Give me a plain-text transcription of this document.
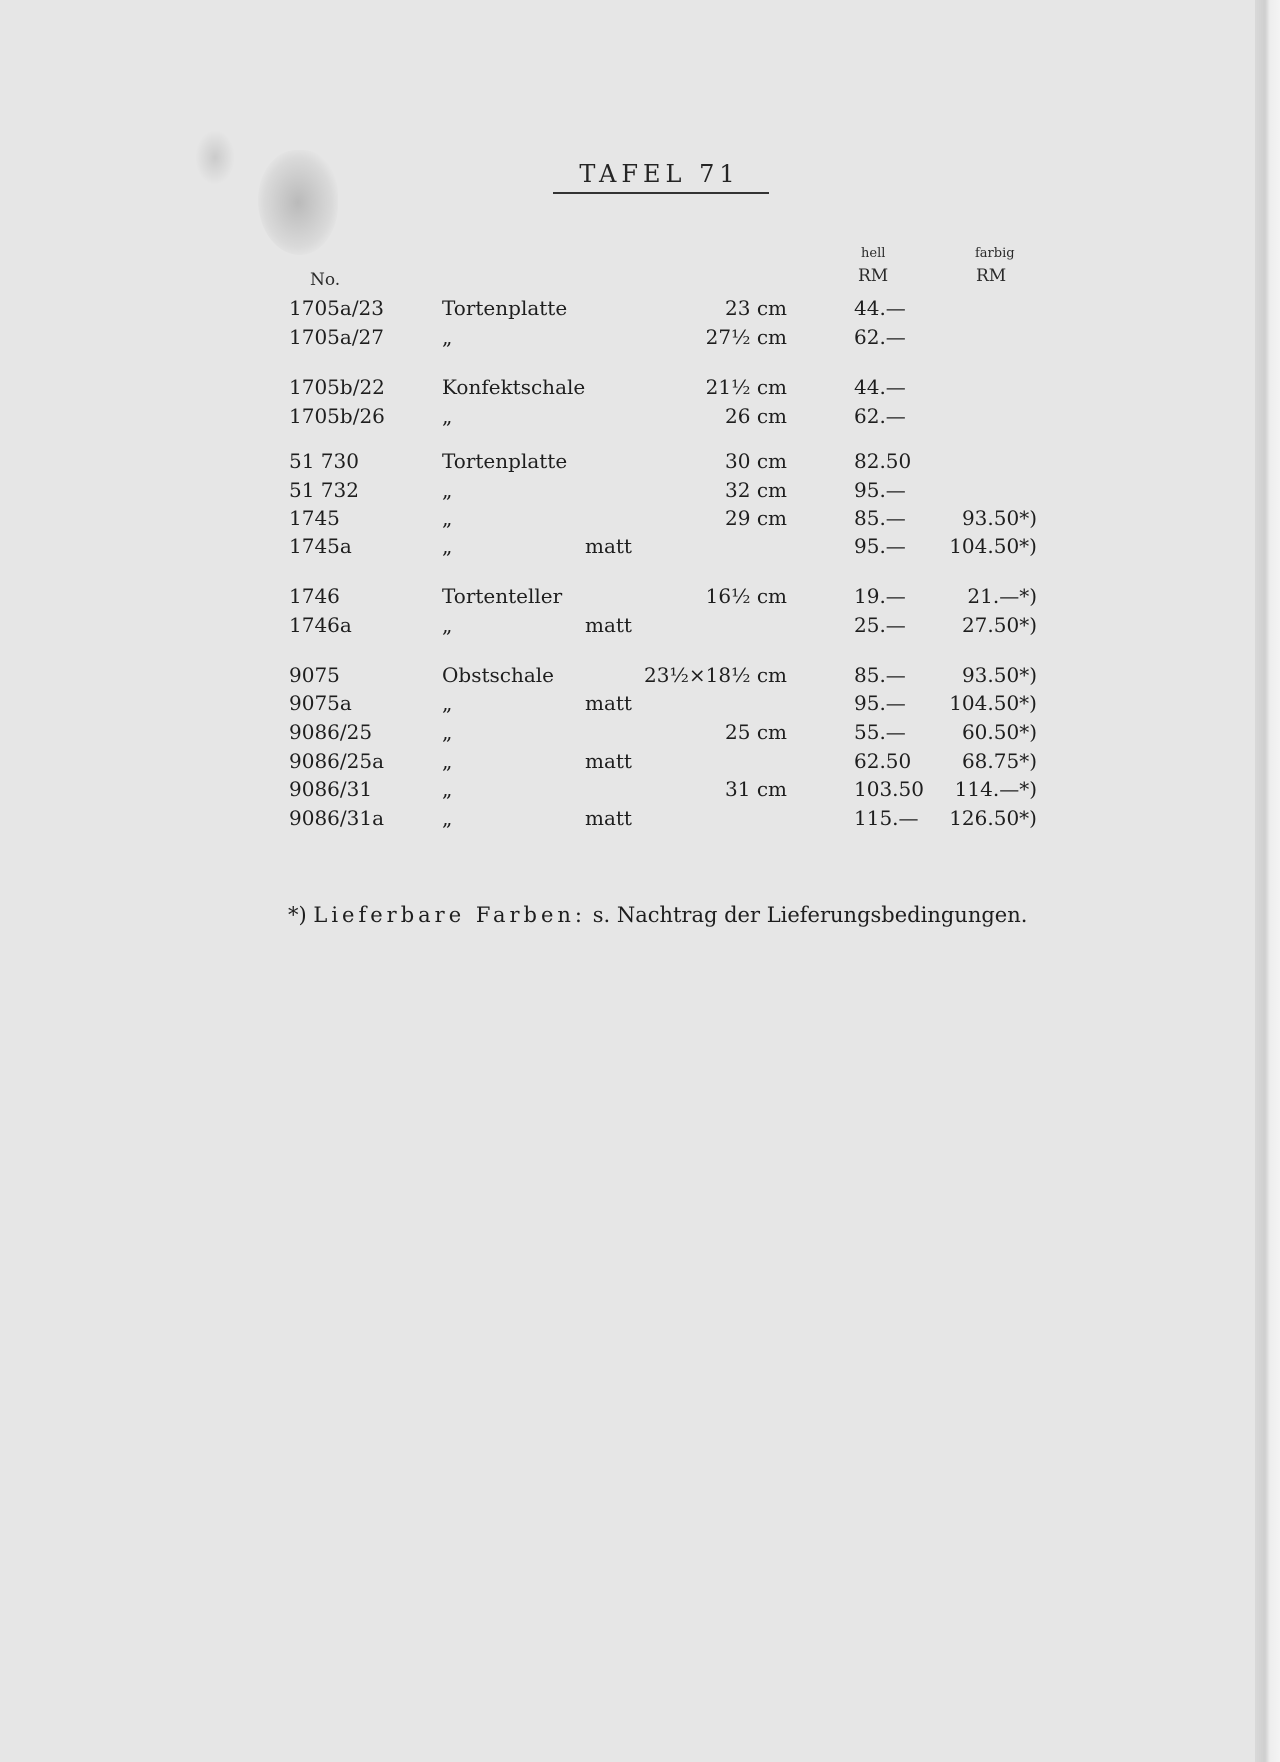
TAFEL 71
No.
hell	farbig
RM	RM
1705a/23	Tortenplatte	23 cm	44.—
1705a/27	„	27½ cm	62.—
1705b/22	Konfektschale	21½ cm	44.—
1705b/26	„	26 cm	62.—
51 730	Tortenplatte	30 cm	82.50
51 732	„	32 cm	95.—
1745	„	29 cm	85.—	93.50*)
1745a	„	matt	95.— 104.50*)
1746	Tortenteller	16½ cm	19.—	21.—*)
1746a	„	matt	25.—	27.50*)
9075	Obstschale	23½×18½ cm	85.—	93.50*)
9075a	„	matt	95.— 104.50*)
9086/25	„	25 cm	55.—	60.50*)
9086/25a	„	matt	62.50	68.75*)
9086/31	„	31 cm	103.50 114.—*)
9086/31a	„	matt	115.— 126.50*)
*) Lieferbare Farben: s. Nachtrag der Lieferungsbedingungen.
